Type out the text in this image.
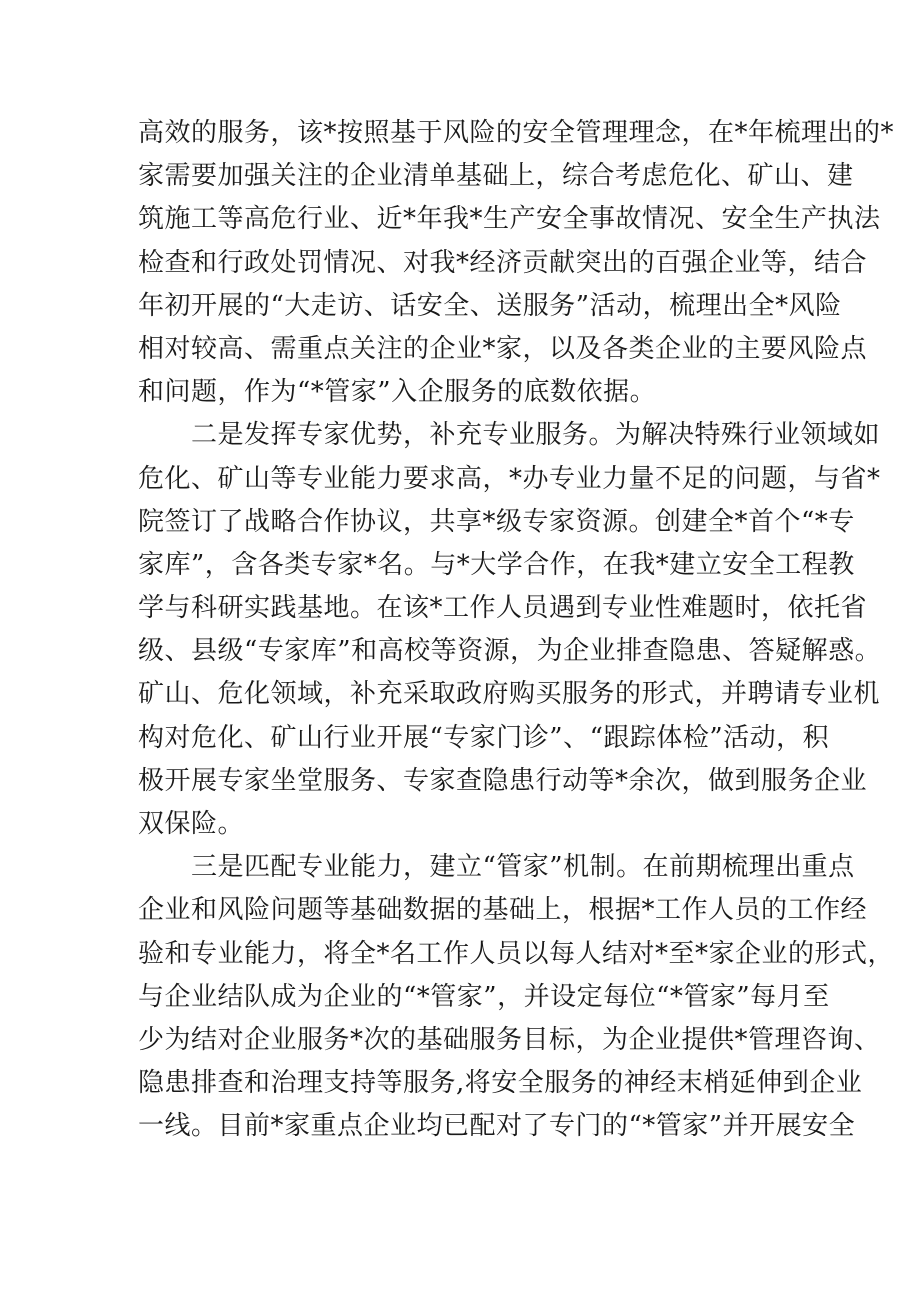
高效的服务，该*按照基于风险的安全管理理念，在*年梳理出的*
家需要加强关注的企业清单基础上，综合考虑危化、矿山、建
筑施工等高危行业、近*年我*生产安全事故情况、安全生产执法
检查和行政处罚情况、对我*经济贡献突出的百强企业等，结合
年初开展的“大走访、话安全、送服务”活动，梳理出全*风险
相对较高、需重点关注的企业*家，以及各类企业的主要风险点
和问题，作为“*管家”入企服务的底数依据。
　　二是发挥专家优势，补充专业服务。为解决特殊行业领域如
危化、矿山等专业能力要求高，*办专业力量不足的问题，与省*
院签订了战略合作协议，共享*级专家资源。创建全*首个“*专
家库”，含各类专家*名。与*大学合作，在我*建立安全工程教
学与科研实践基地。在该*工作人员遇到专业性难题时，依托省
级、县级“专家库”和高校等资源，为企业排查隐患、答疑解惑。
矿山、危化领域，补充采取政府购买服务的形式，并聘请专业机
构对危化、矿山行业开展“专家门诊”、“跟踪体检”活动，积
极开展专家坐堂服务、专家查隐患行动等*余次，做到服务企业
双保险。
　　三是匹配专业能力，建立“管家”机制。在前期梳理出重点
企业和风险问题等基础数据的基础上，根据*工作人员的工作经
验和专业能力，将全*名工作人员以每人结对*至*家企业的形式，
与企业结队成为企业的“*管家”，并设定每位“*管家”每月至
少为结对企业服务*次的基础服务目标，为企业提供*管理咨询、
隐患排查和治理支持等服务,将安全服务的神经末梢延伸到企业
一线。目前*家重点企业均已配对了专门的“*管家”并开展安全
